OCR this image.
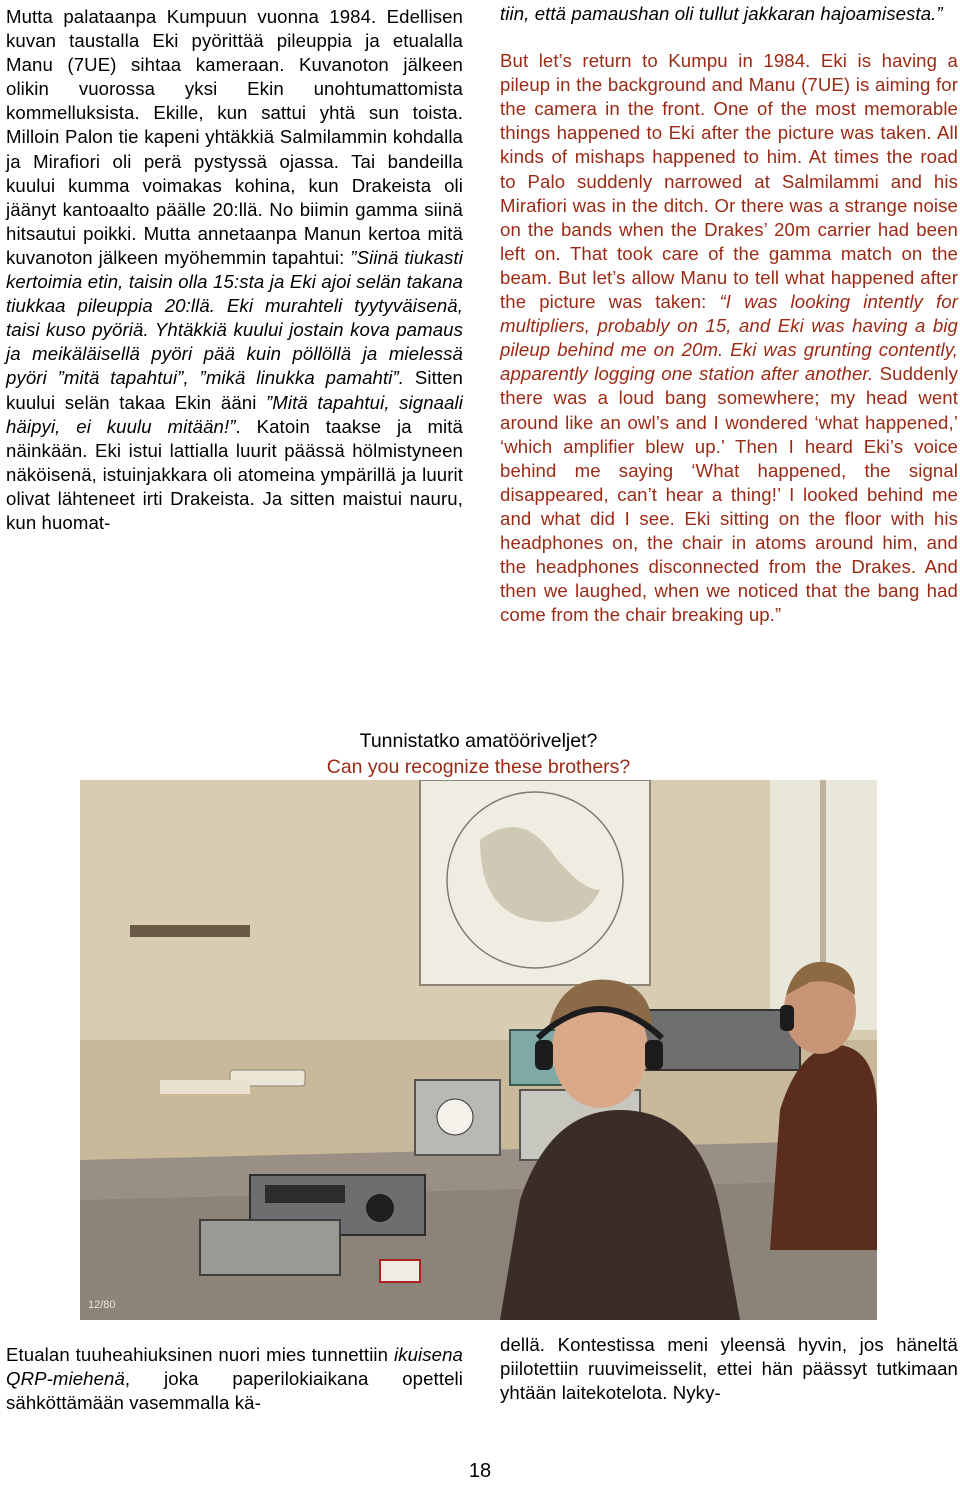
Mutta palataanpa Kumpuun vuonna 1984. Edellisen kuvan taustalla Eki pyörittää pileuppia ja etualalla Manu (7UE) sihtaa kameraan. Kuvanoton jälkeen olikin vuorossa yksi Ekin unohtumattomista kommelluksista. Ekille, kun sattui yhtä sun toista. Milloin Palon tie kapeni yhtäkkiä Salmilammin kohdalla ja Mirafiori oli perä pystyssä ojassa. Tai bandeilla kuului kumma voimakas kohina, kun Drakeista oli jäänyt kantoaalto päälle 20:llä. No biimin gamma siinä hitsautui poikki. Mutta annetaanpa Manun kertoa mitä kuvanoton jälkeen myöhemmin tapahtui: ”Siinä tiukasti kertoimia etin, taisin olla 15:sta ja Eki ajoi selän takana tiukkaa pileuppia 20:llä. Eki murahteli tyytyväisenä, taisi kuso pyöriä. Yhtäkkiä kuului jostain kova pamaus ja meikäläisellä pyöri pää kuin pöllöllä ja mielessä pyöri ”mitä tapahtui”, ”mikä linukka pamahti”. Sitten kuului selän takaa Ekin ääni ”Mitä tapahtui, signaali häipyi, ei kuulu mitään!”. Katoin taakse ja mitä näinkään. Eki istui lattialla luurit päässä hölmistyneen näköisenä, istuinjakkara oli atomeina ympärillä ja luurit olivat lähteneet irti Drakeista. Ja sitten maistui nauru, kun huomat-

tiin, että pamaushan oli tullut jakkaran hajoamisesta.”

But let’s return to Kumpu in 1984. Eki is having a pileup in the background and Manu (7UE) is aiming for the camera in the front. One of the most memorable things happened to Eki after the picture was taken. All kinds of mishaps happened to him. At times the road to Palo suddenly narrowed at Salmilammi and his Mirafiori was in the ditch. Or there was a strange noise on the bands when the Drakes’ 20m carrier had been left on. That took care of the gamma match on the beam. But let’s allow Manu to tell what happened after the picture was taken: “I was looking intently for multipliers, probably on 15, and Eki was having a big pileup behind me on 20m. Eki was grunting contently, apparently logging one station after another. Suddenly there was a loud bang somewhere; my head went around like an owl’s and I wondered ‘what happened,’ ‘which amplifier blew up.’ Then I heard Eki’s voice behind me saying ‘What happened, the signal disappeared, can’t hear a thing!’ I looked behind me and what did I see. Eki sitting on the floor with his headphones on, the chair in atoms around him, and the headphones disconnected from the Drakes. And then we laughed, when we noticed that the bang had come from the chair breaking up.”

Tunnistatko amatööriveljet?
Can you recognize these brothers?
12/80

Etualan tuuheahiuksinen nuori mies tunnettiin ikuisena QRP-miehenä, joka paperilokiaikana opetteli sähköttämään vasemmalla kä-

dellä. Kontestissa meni yleensä hyvin, jos häneltä piilotettiin ruuvimeisselit, ettei hän päässyt tutkimaan yhtään laitekotelota. Nyky-

18
